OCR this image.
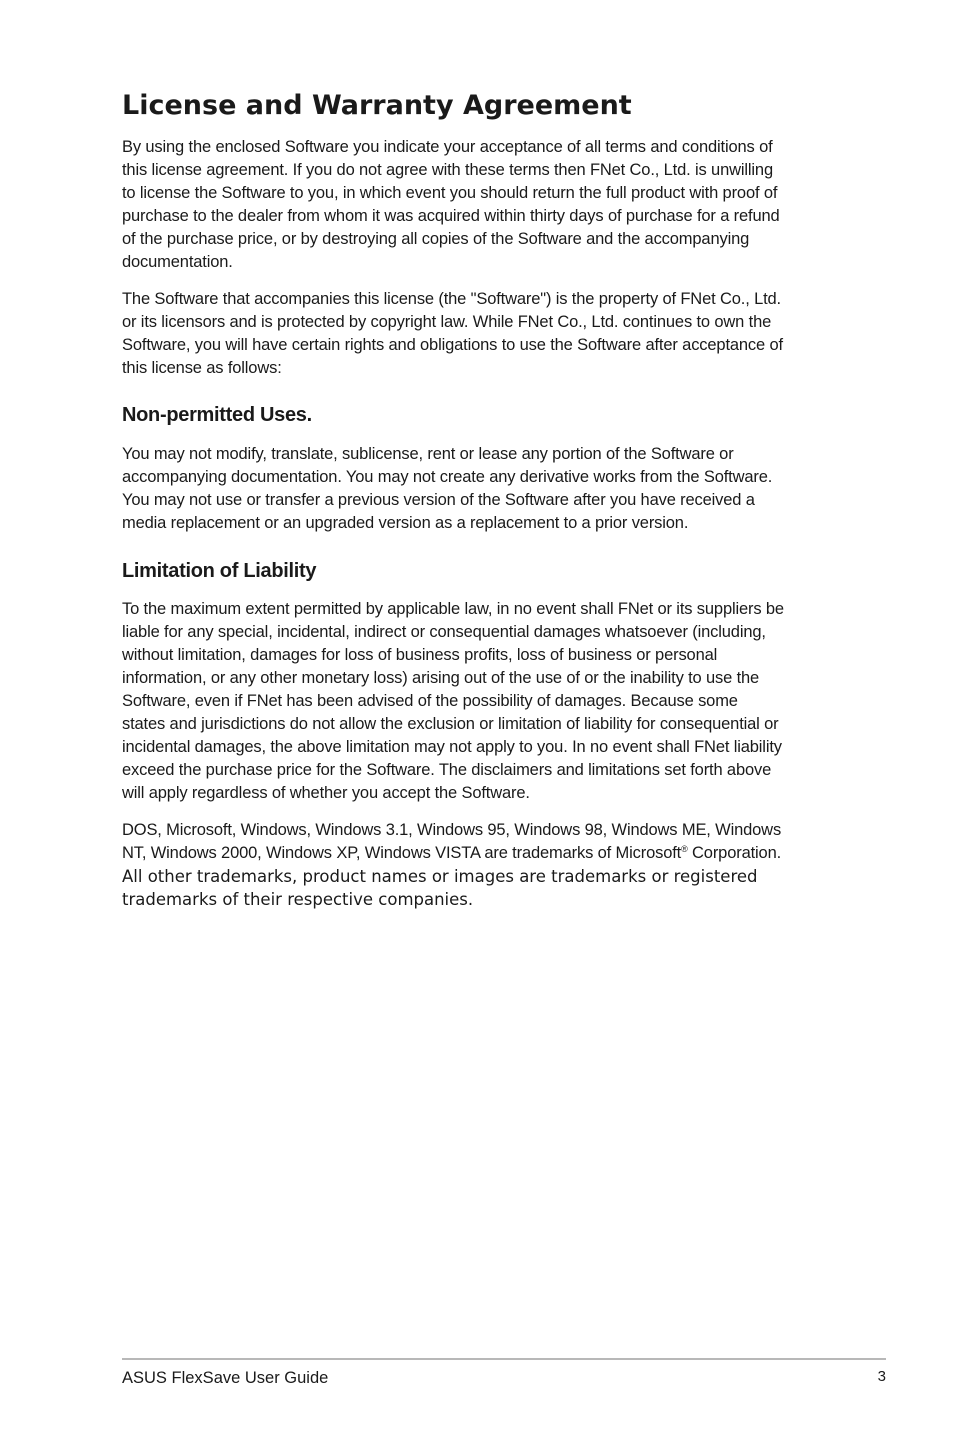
License and Warranty Agreement
By using the enclosed Software you indicate your acceptance of all terms and conditions of
this license agreement. If you do not agree with these terms then FNet Co., Ltd. is unwilling
to license the Software to you, in which event you should return the full product with proof of
purchase to the dealer from whom it was acquired within thirty days of purchase for a refund
of the purchase price, or by destroying all copies of the Software and the accompanying
documentation.
The Software that accompanies this license (the "Software") is the property of FNet Co., Ltd.
or its licensors and is protected by copyright law. While FNet Co., Ltd. continues to own the
Software, you will have certain rights and obligations to use the Software after acceptance of
this license as follows:
Non-permitted Uses.
You may not modify, translate, sublicense, rent or lease any portion of the Software or
accompanying documentation. You may not create any derivative works from the Software.
You may not use or transfer a previous version of the Software after you have received a
media replacement or an upgraded version as a replacement to a prior version.
Limitation of Liability
To the maximum extent permitted by applicable law, in no event shall FNet or its suppliers be
liable for any special, incidental, indirect or consequential damages whatsoever (including,
without limitation, damages for loss of business profits, loss of business or personal
information, or any other monetary loss) arising out of the use of or the inability to use the
Software, even if FNet has been advised of the possibility of damages. Because some
states and jurisdictions do not allow the exclusion or limitation of liability for consequential or
incidental damages, the above limitation may not apply to you. In no event shall FNet liability
exceed the purchase price for the Software. The disclaimers and limitations set forth above
will apply regardless of whether you accept the Software.
DOS, Microsoft, Windows, Windows 3.1, Windows 95, Windows 98, Windows ME, Windows
NT, Windows 2000, Windows XP, Windows VISTA are trademarks of Microsoft® Corporation.
All other trademarks, product names or images are trademarks or registered
trademarks of their respective companies.
ASUS FlexSave User Guide	3
